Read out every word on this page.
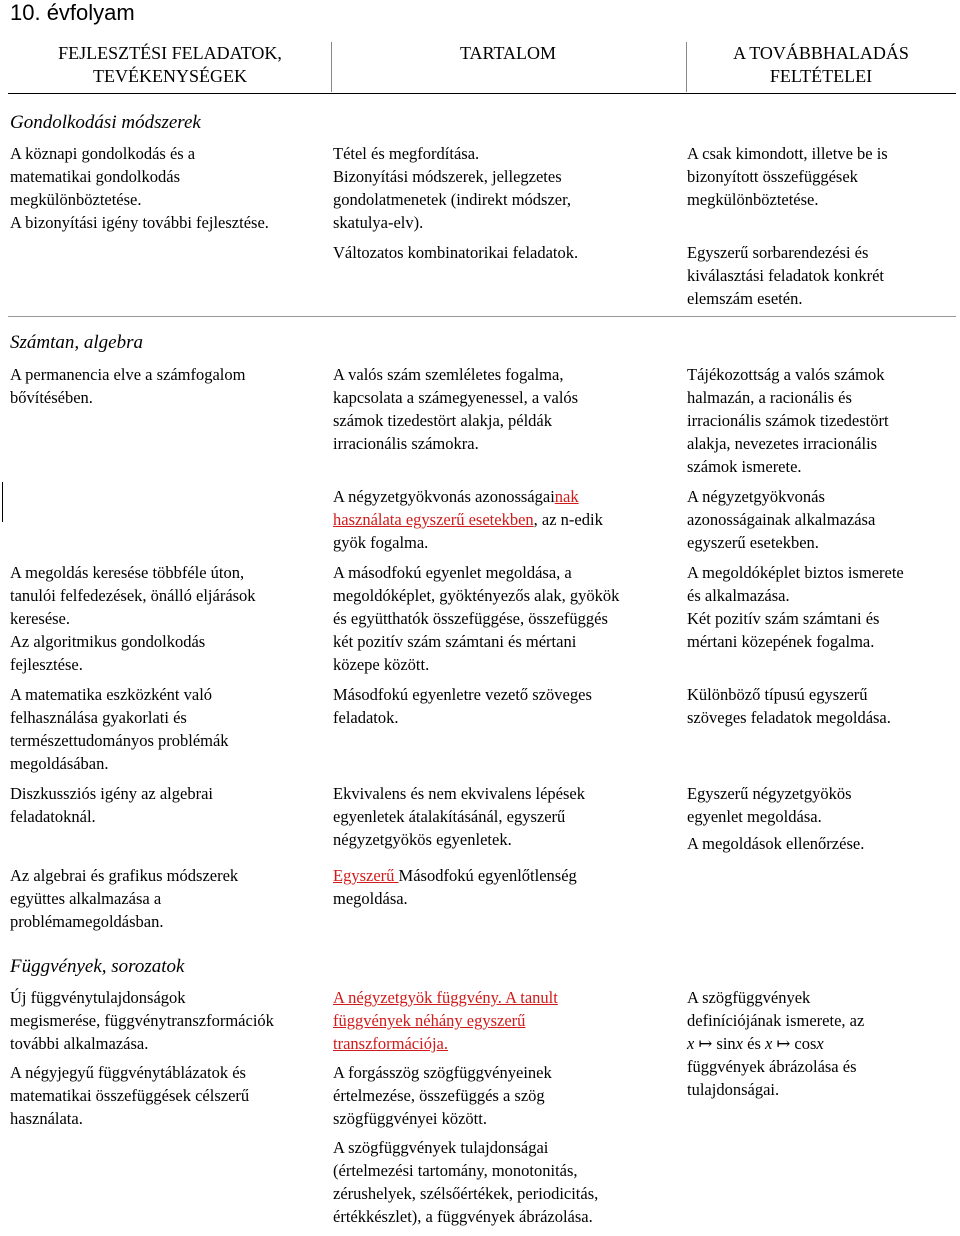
10. évfolyam
FEJLESZTÉSI FELADATOK,
TEVÉKENYSÉGEK
TARTALOM	A TOVÁBBHALADÁS
FELTÉTELEI
Gondolkodási módszerek
A köznapi gondolkodás és a
matematikai gondolkodás
megkülönböztetése.
A bizonyítási igény további fejlesztése.
Tétel és megfordítása.
Bizonyítási módszerek, jellegzetes
gondolatmenetek (indirekt módszer,
skatulya-elv).
A csak kimondott, illetve be is
bizonyított összefüggések
megkülönböztetése.
Változatos kombinatorikai feladatok.	Egyszerű sorbarendezési és
kiválasztási feladatok konkrét
elemszám esetén.
Számtan, algebra
A permanencia elve a számfogalom
bővítésében.
A valós szám szemléletes fogalma,
kapcsolata a számegyenessel, a valós
számok tizedestört alakja, példák
irracionális számokra.
Tájékozottság a valós számok
halmazán, a racionális és
irracionális számok tizedestört
alakja, nevezetes irracionális
számok ismerete.
A négyzetgyökvonás azonosságainak
használata egyszerű esetekben, az n-edik
gyök fogalma.
A négyzetgyökvonás
azonosságainak alkalmazása
egyszerű esetekben.
A megoldás keresése többféle úton,
tanulói felfedezések, önálló eljárások
keresése.
Az algoritmikus gondolkodás
fejlesztése.
A másodfokú egyenlet megoldása, a
megoldóképlet, gyöktényezős alak, gyökök
és együtthatók összefüggése, összefüggés
két pozitív szám számtani és mértani
közepe között.
A megoldóképlet biztos ismerete
és alkalmazása.
Két pozitív szám számtani és
mértani közepének fogalma.
A matematika eszközként való
felhasználása gyakorlati és
természettudományos problémák
megoldásában.
Másodfokú egyenletre vezető szöveges
feladatok.
Különböző típusú egyszerű
szöveges feladatok megoldása.
Diszkussziós igény az algebrai
feladatoknál.
Ekvivalens és nem ekvivalens lépések
egyenletek átalakításánál, egyszerű
négyzetgyökös egyenletek.
Egyszerű négyzetgyökös
egyenlet megoldása.
A megoldások ellenőrzése.
Az algebrai és grafikus módszerek
együttes alkalmazása a
problémamegoldásban.
Egyszerű Másodfokú egyenlőtlenség
megoldása.
Függvények, sorozatok
Új függvénytulajdonságok
megismerése, függvénytranszformációk
további alkalmazása.
A négyzetgyök függvény. A tanult
függvények néhány egyszerű
transzformációja.
A szögfüggvények
definíciójának ismerete, az
x ↦ sinx és x ↦ cosx
függvények ábrázolása és
tulajdonságai.
A négyjegyű függvénytáblázatok és
matematikai összefüggések célszerű
használata.
A forgásszög szögfüggvényeinek
értelmezése, összefüggés a szög
szögfüggvényei között.
A szögfüggvények tulajdonságai
(értelmezési tartomány, monotonitás,
zérushelyek, szélsőértékek, periodicitás,
értékkészlet), a függvények ábrázolása.
